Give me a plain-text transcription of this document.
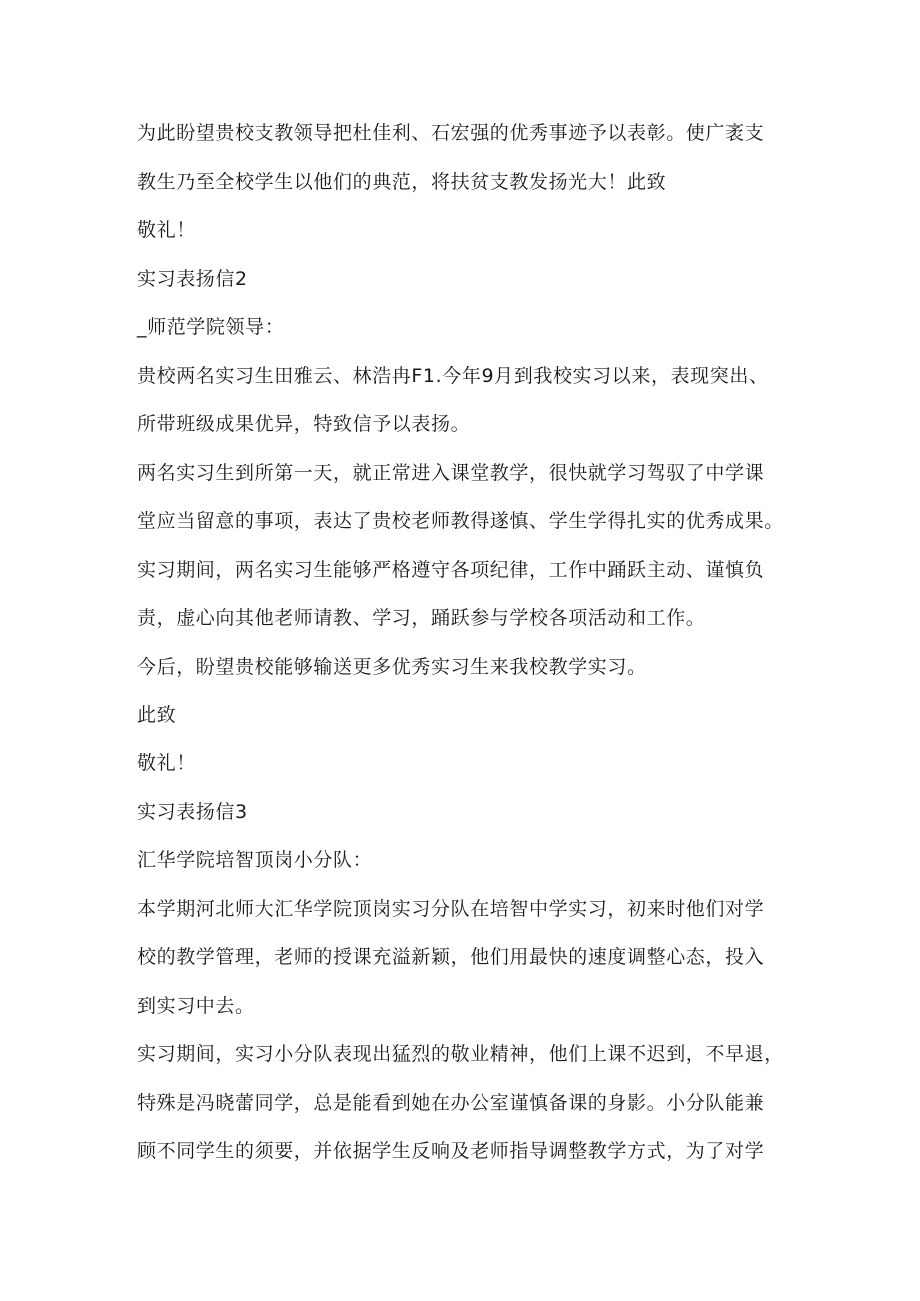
为此盼望贵校支教领导把杜佳利、石宏强的优秀事迹予以表彰。使广袤支
教生乃至全校学生以他们的典范，将扶贫支教发扬光大！此致
敬礼！
实习表扬信2
_师范学院领导：
贵校两名实习生田雅云、林浩冉F1.今年9月到我校实习以来，表现突出、
所带班级成果优异，特致信予以表扬。
两名实习生到所第一天，就正常进入课堂教学，很快就学习驾驭了中学课
堂应当留意的事项，表达了贵校老师教得遂慎、学生学得扎实的优秀成果。
实习期间，两名实习生能够严格遵守各项纪律，工作中踊跃主动、谨慎负
责，虚心向其他老师请教、学习，踊跃参与学校各项活动和工作。
今后，盼望贵校能够输送更多优秀实习生来我校教学实习。
此致
敬礼！
实习表扬信3
汇华学院培智顶岗小分队：
本学期河北师大汇华学院顶岗实习分队在培智中学实习，初来时他们对学
校的教学管理，老师的授课充溢新颖，他们用最快的速度调整心态，投入
到实习中去。
实习期间，实习小分队表现出猛烈的敬业精神，他们上课不迟到，不早退，
特殊是冯晓蕾同学，总是能看到她在办公室谨慎备课的身影。小分队能兼
顾不同学生的须要，并依据学生反响及老师指导调整教学方式，为了对学
